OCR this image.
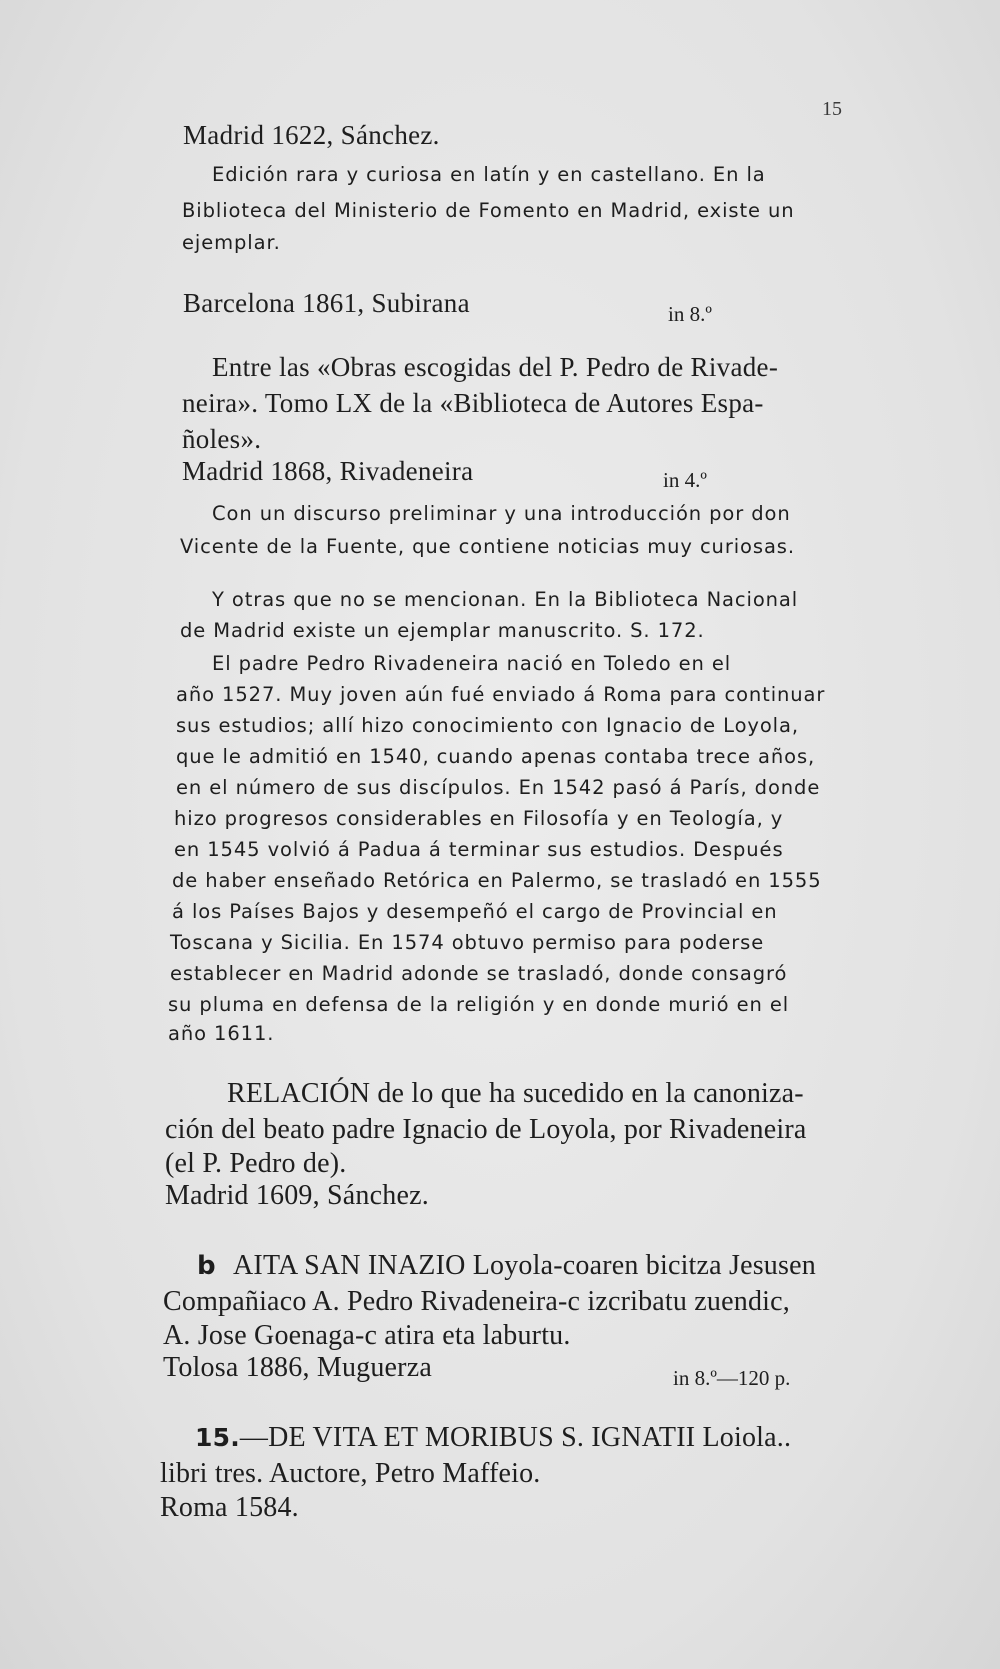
15

Madrid 1622, Sánchez.

Edición rara y curiosa en latín y en castellano. En la

Biblioteca del Ministerio de Fomento en Madrid, existe un

ejemplar.

Barcelona 1861, Subirana	in 8.º

Entre las «Obras escogidas del P. Pedro de Rivade-

neira». Tomo LX de la «Biblioteca de Autores Espa-

ñoles».

Madrid 1868, Rivadeneira	in 4.º

Con un discurso preliminar y una introducción por don

Vicente de la Fuente, que contiene noticias muy curiosas.

Y otras que no se mencionan. En la Biblioteca Nacional

de Madrid existe un ejemplar manuscrito. S. 172.

El padre Pedro Rivadeneira nació en Toledo en el

año 1527. Muy joven aún fué enviado á Roma para continuar

sus estudios; allí hizo conocimiento con Ignacio de Loyola,

que le admitió en 1540, cuando apenas contaba trece años,

en el número de sus discípulos. En 1542 pasó á París, donde

hizo progresos considerables en Filosofía y en Teología, y

en 1545 volvió á Padua á terminar sus estudios. Después

de haber enseñado Retórica en Palermo, se trasladó en 1555

á los Países Bajos y desempeñó el cargo de Provincial en

Toscana y Sicilia. En 1574 obtuvo permiso para poderse

establecer en Madrid adonde se trasladó, donde consagró

su pluma en defensa de la religión y en donde murió en el

año 1611.

RELACIÓN de lo que ha sucedido en la canoniza-

ción del beato padre Ignacio de Loyola, por Rivadeneira

(el P. Pedro de).

Madrid 1609, Sánchez.

b AITA SAN INAZIO Loyola-coaren bicitza Jesusen

Compañiaco A. Pedro Rivadeneira-c izcribatu zuendic,

A. Jose Goenaga-c atira eta laburtu.

Tolosa 1886, Muguerza	in 8.º—120 p.

15.—DE VITA ET MORIBUS S. IGNATII Loiola..

libri tres. Auctore, Petro Maffeio.

Roma 1584.
